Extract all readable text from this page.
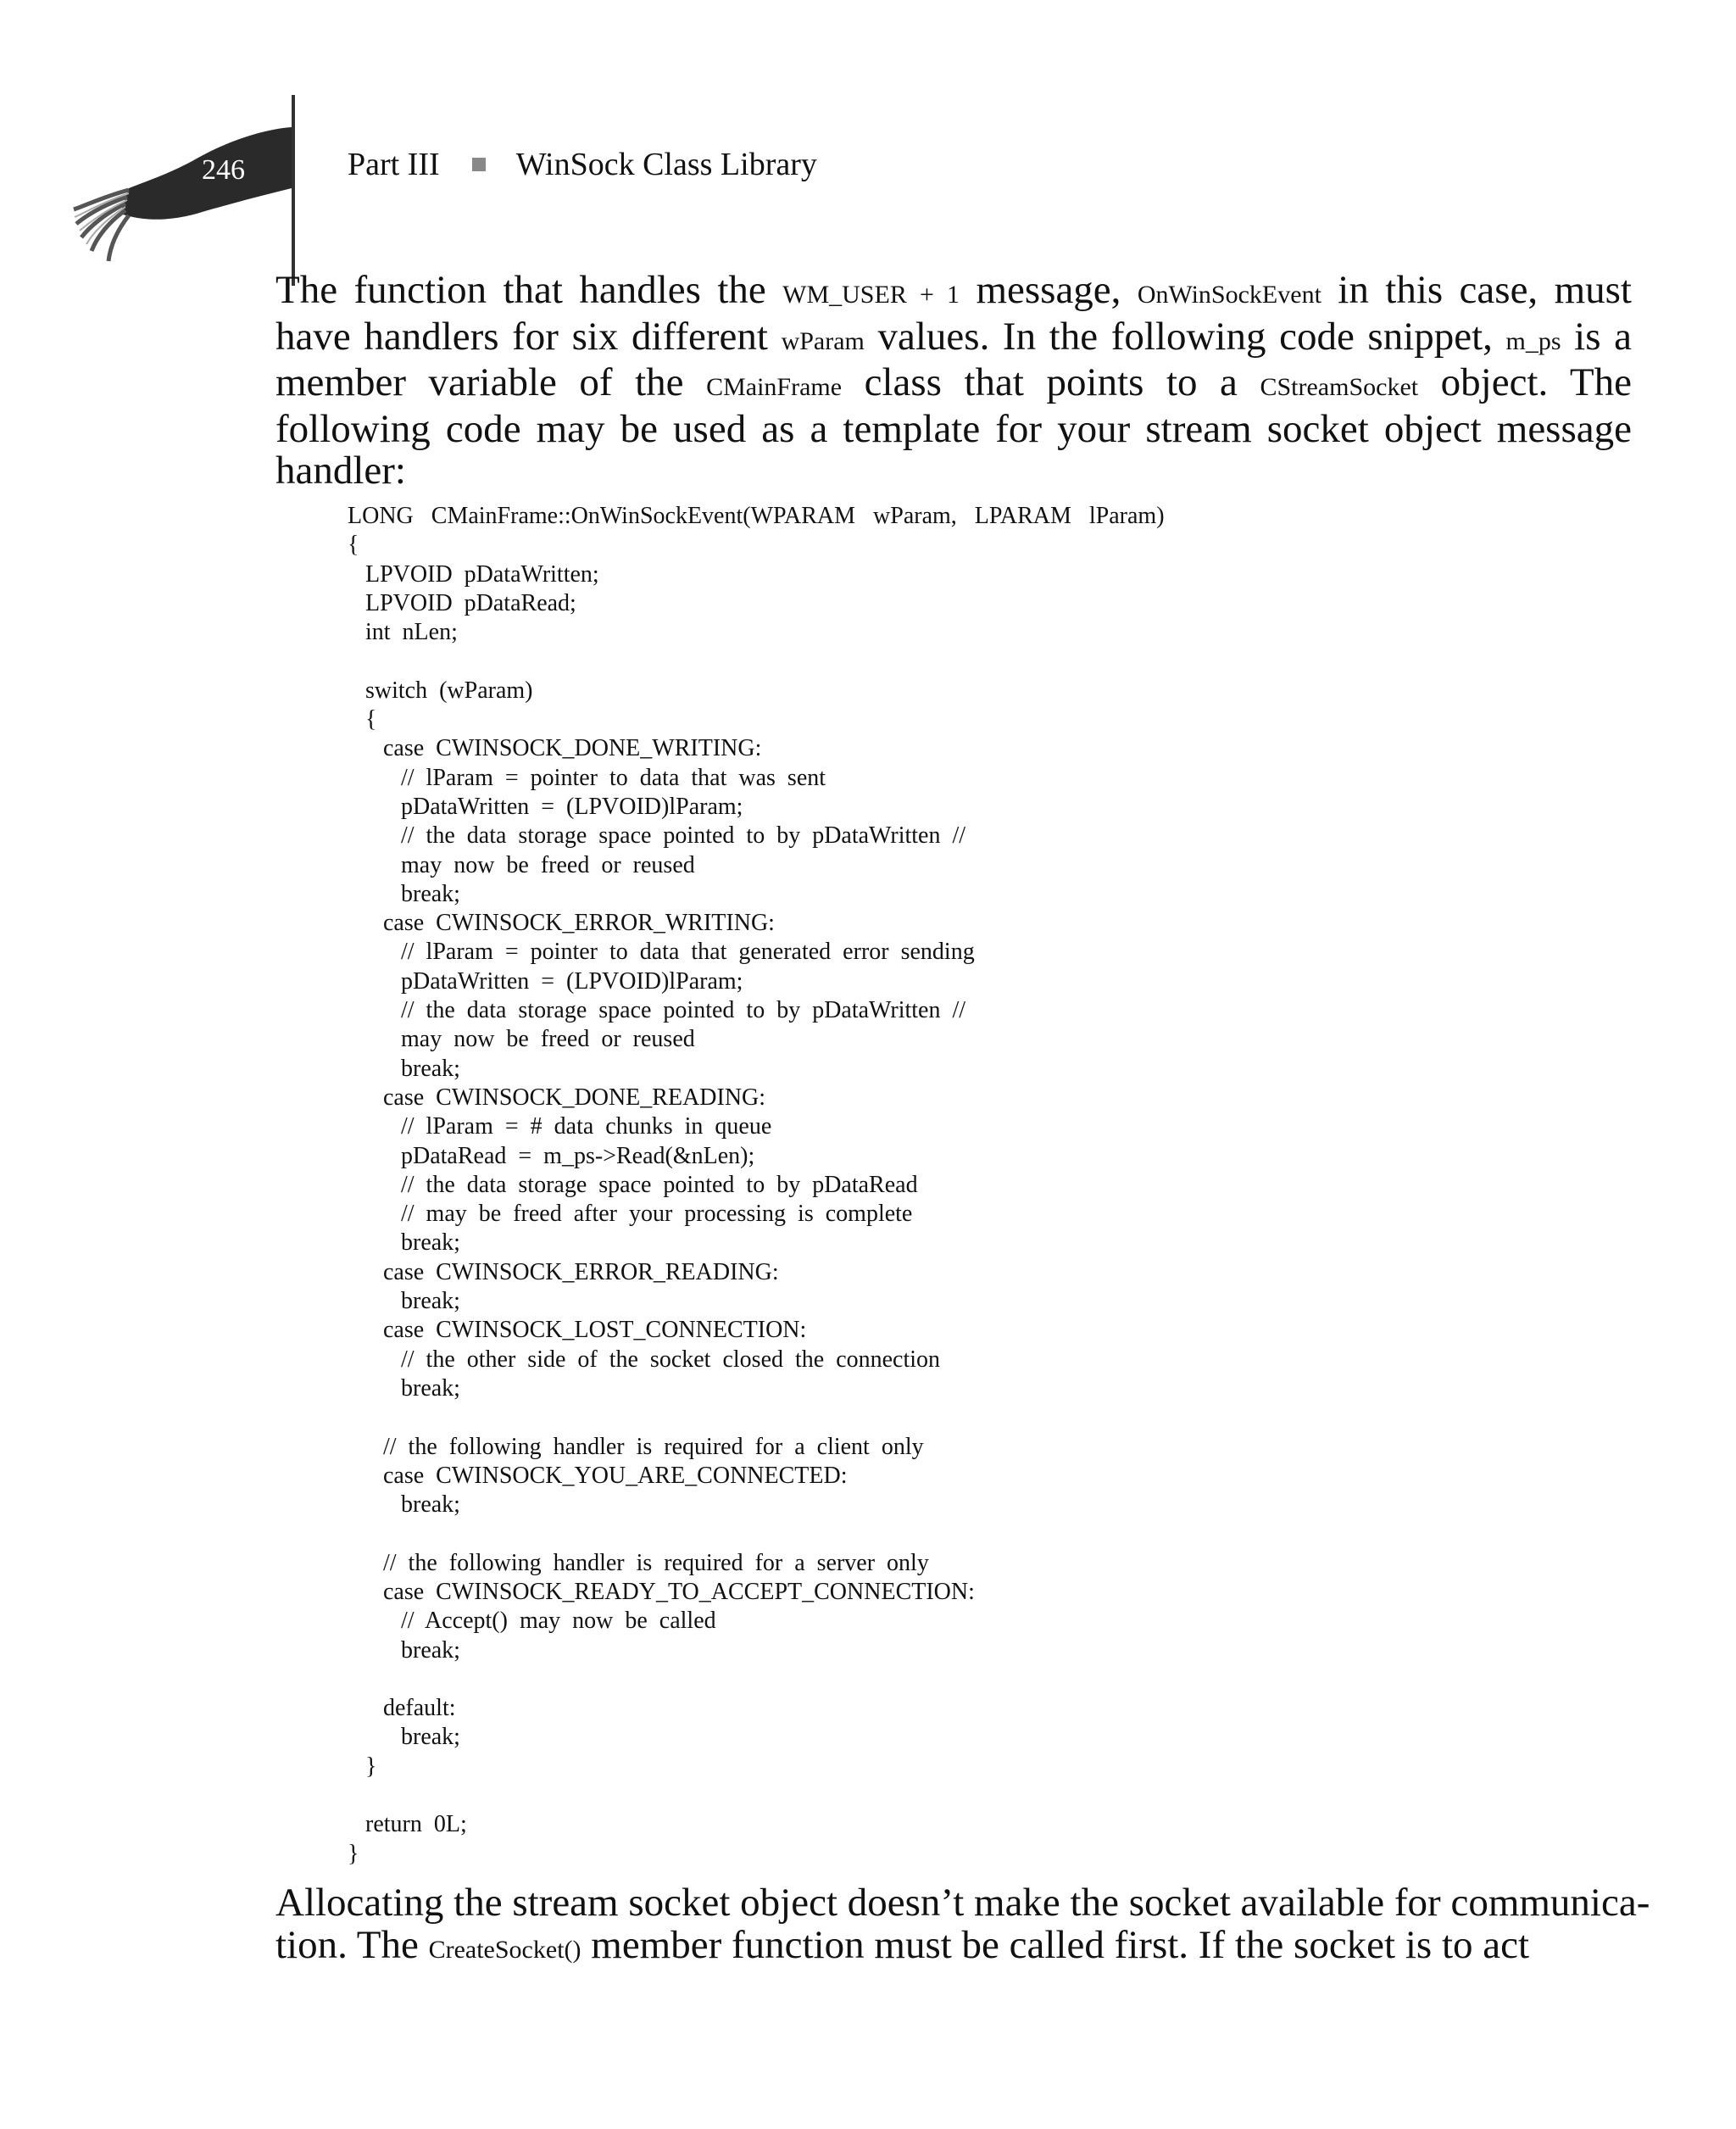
246	Part III WinSock Class Library
The function that handles the WM_USER + 1 message, OnWinSockEvent in this case, must
have handlers for six different wParam values. In the following code snippet, m_ps is a
member variable of the CMainFrame class that points to a CStreamSocket object. The
following code may be used as a template for your stream socket object message
handler:
LONG   CMainFrame::OnWinSockEvent(WPARAM   wParam,   LPARAM   lParam)
{
LPVOID  pDataWritten;
LPVOID  pDataRead;
int  nLen;
switch  (wParam)
{
case  CWINSOCK_DONE_WRITING:
//  lParam  =  pointer  to  data  that  was  sent
pDataWritten  =  (LPVOID)lParam;
//  the  data  storage  space  pointed  to  by  pDataWritten  //
may  now  be  freed  or  reused
break;
case  CWINSOCK_ERROR_WRITING:
//  lParam  =  pointer  to  data  that  generated  error  sending
pDataWritten  =  (LPVOID)lParam;
//  the  data  storage  space  pointed  to  by  pDataWritten  //
may  now  be  freed  or  reused
break;
case  CWINSOCK_DONE_READING:
//  lParam  =  #  data  chunks  in  queue
pDataRead  =  m_ps->Read(&nLen);
//  the  data  storage  space  pointed  to  by  pDataRead
//  may  be  freed  after  your  processing  is  complete
break;
case  CWINSOCK_ERROR_READING:
break;
case  CWINSOCK_LOST_CONNECTION:
//  the  other  side  of  the  socket  closed  the  connection
break;
//  the  following  handler  is  required  for  a  client  only
case  CWINSOCK_YOU_ARE_CONNECTED:
break;
//  the  following  handler  is  required  for  a  server  only
case  CWINSOCK_READY_TO_ACCEPT_CONNECTION:
//  Accept()  may  now  be  called
break;
default:
break;
}
return  0L;
}
Allocating the stream socket object doesn’t make the socket available for communica-
tion. The CreateSocket() member function must be called first. If the socket is to act
